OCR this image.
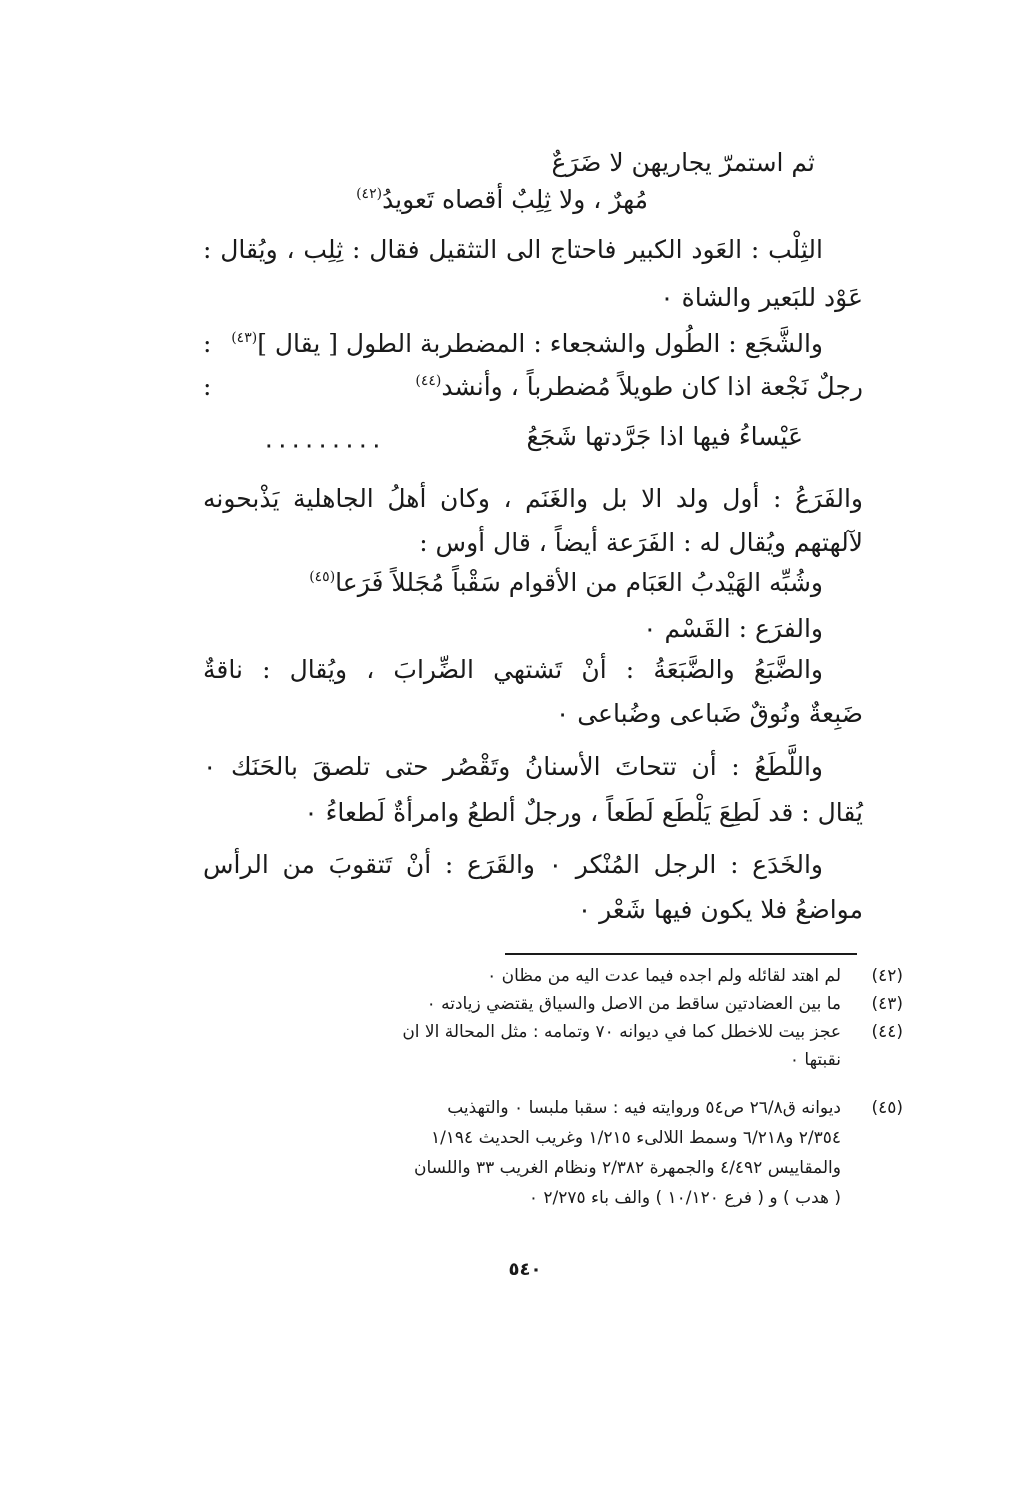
ثم استمرّ يجاريهن لا ضَرَعٌ
مُهرٌ ، ولا ثِلِبٌ أقصاه تَعويدُ$^{(٤٢)}$
الثِلْب : العَود الكبير فاحتاج الى التثقيل فقال : ثِلِب ، ويُقال :
عَوْد للبَعير والشاة ٠
والشَّجَع : الطُول والشجعاء : المضطربة الطول [ يقال ]$^{(٤٣)}$
:
رجلٌ نَجْعة اذا كان طويلاً مُضطرباً ، وأنشد$^{(٤٤)}$
:
عَيْساءُ فيها اذا جَرَّدتها شَجَعُ
٠٠٠٠٠٠٠٠٠
والفَرَعُ : أول ولد الا بل والغَنَم ، وكان أهلُ الجاهلية يَذْبحونه
لآلهتهم ويُقال له : الفَرَعة أيضاً ، قال أوس :
وشُبِّه الهَيْدبُ العَبَام من الأقوام سَقْباً مُجَللاً فَرَعا$^{(٤٥)}$
والفرَع : القَسْم ٠
والضَّبَعُ والضَّبَعَةُ : أنْ تَشتهي الضِّرابَ ، ويُقال : ناقةٌ
ضَبِعةٌ ونُوقٌ ضَباعى وضُباعى ٠
واللَّطَعُ : أن تتحاتَ الأسنانُ وتَقْصُر حتى تلصقَ بالحَنَك ٠
يُقال : قد لَطِعَ يَلْطَع لَطَعاً ، ورجلٌ ألطعُ وامرأةٌ لَطعاءُ ٠
والخَدَع : الرجل المُنْكر ٠ والقَرَع : أنْ تَتقوبَ من الرأس
مواضعُ فلا يكون فيها شَعْر ٠
(٤٢)
لم اهتد لقائله ولم اجده فيما عدت اليه من مظان ٠
(٤٣)
ما بين العضادتين ساقط من الاصل والسياق يقتضي زيادته ٠
(٤٤)
عجز بيت للاخطل كما في ديوانه ٧٠ وتمامه : مثل المحالة الا ان
نقبتها ٠
(٤٥)
ديوانه ق٢٦/٨ ص٥٤ وروايته فيه : سقبا ملبسا ٠ والتهذيب
٢/٣٥٤ و٦/٢١٨ وسمط اللالىء ١/٢١٥ وغريب الحديث ١/١٩٤
والمقاييس ٤/٤٩٢ والجمهرة ٢/٣٨٢ ونظام الغريب ٣٣ واللسان
( هدب ) و ( فرع ١٠/١٢٠ ) والف باء ٢/٢٧٥ ٠
٥٤٠
